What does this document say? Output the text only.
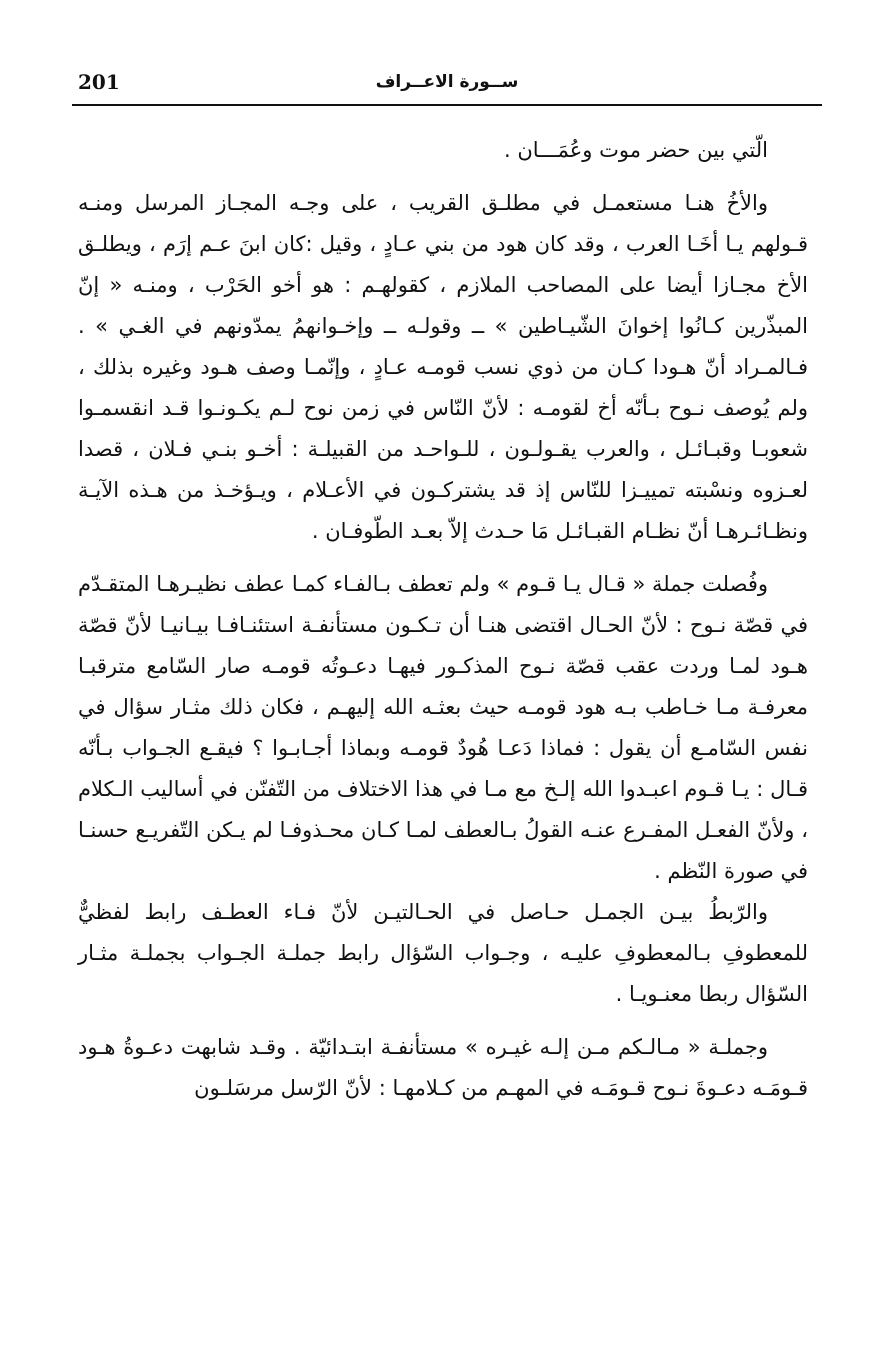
201	ســورة الاعــراف

الّتي بين حضر موت وعُمَـــان .

والأخُ هنـا مستعمـل في مطلـق القريب ، على وجـه المجـاز المرسل ومنـه قـولهم يـا أخَـا العرب ، وقد كان هود من بني عـادٍ ، وقيل :كان ابنَ عـم إرَم ، ويطلـق الأخ مجـازا أيضا على المصاحب الملازم ، كقولهـم : هو أخو الحَرْب ، ومنـه « إنّ المبذّرين كـانُوا إخوانَ الشّيـاطين » ــ وقولـه ــ وإخـوانهمُ يمدّونهم في الغـي » . فـالمـراد أنّ هـودا كـان من ذوي نسب قومـه عـادٍ ، وإنّمـا وصف هـود وغيره بذلك ، ولم يُوصف نـوح بـأنّه أخ لقومـه : لأنّ النّاس في زمن نوح لـم يكـونـوا قـد انقسمـوا شعوبـا وقبـائـل ، والعرب يقـولـون ، للـواحـد من القبيلـة : أخـو بنـي فـلان ، قصدا لعـزوه ونسْبته تمييـزا للنّاس إذ قد يشتركـون في الأعـلام ، ويـؤخـذ من هـذه الآيـة ونظـائـرهـا أنّ نظـام القبـائـل مَا حـدث إلاّ بعـد الطّوفـان .

وفُصلت جملة « قـال يـا قـوم » ولم تعطف بـالفـاء كمـا عطف نظيـرهـا المتقـدّم في قصّة نـوح : لأنّ الحـال اقتضى هنـا أن تـكـون مستأنفـة استئنـافـا بيـانيـا لأنّ قصّة هـود لمـا وردت عقب قصّة نـوح المذكـور فيهـا دعـوتُه قومـه صار السّامع مترقبـا معرفـة مـا خـاطب بـه هود قومـه حيث بعثـه الله إليهـم ، فكان ذلك مثـار سؤال في نفس السّامـع أن يقول : فماذا دَعـا هُودٌ قومـه وبماذا أجـابـوا ؟ فيقـع الجـواب بـأنّه قـال : يـا قـوم اعبـدوا الله إلـخ مع مـا في هذا الاختلاف من التّفنّن في أساليب الـكلام ، ولأنّ الفعـل المفـرع عنـه القولُ بـالعطف لمـا كـان محـذوفـا لم يـكن التّفريـع حسنـا في صورة النّظم .

والرّبطُ بيـن الجمـل حـاصل في الحـالتيـن لأنّ فـاء العطـف رابط لفظيٌّ للمعطوفِ بـالمعطوفِ عليـه ، وجـواب السّؤال رابط جملـة الجـواب بجملـة مثـار السّؤال ربطا معنـويـا .

وجملـة « مـالـكم مـن إلـه غيـره » مستأنفـة ابتـدائيّة . وقـد شابهت دعـوةُ هـود قـومَـه دعـوةَ نـوح قـومَـه في المهـم من كـلامهـا : لأنّ الرّسل مرسَلـون
